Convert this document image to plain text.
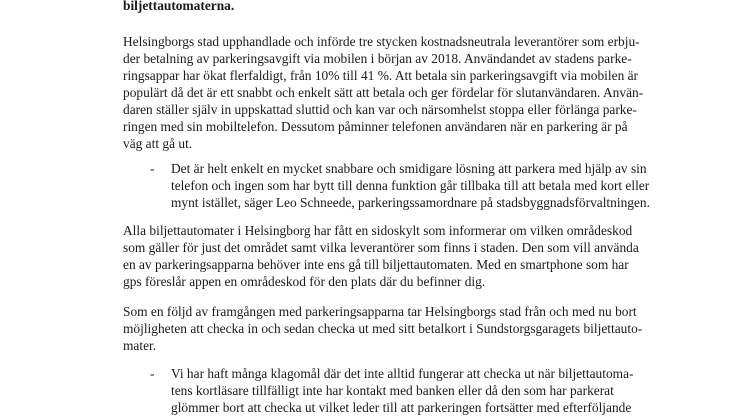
biljettautomaterna.
Helsingborgs stad upphandlade och införde tre stycken kostnadsneutrala leverantörer som erbju-
der betalning av parkeringsavgift via mobilen i början av 2018. Användandet av stadens parke-
ringsappar har ökat flerfaldigt, från 10% till 41 %. Att betala sin parkeringsavgift via mobilen är
populärt då det är ett snabbt och enkelt sätt att betala och ger fördelar för slutanvändaren. Använ-
daren ställer själv in uppskattad sluttid och kan var och närsomhelst stoppa eller förlänga parke-
ringen med sin mobiltelefon. Dessutom påminner telefonen användaren när en parkering är på
väg att gå ut.
- Det är helt enkelt en mycket snabbare och smidigare lösning att parkera med hjälp av sin
telefon och ingen som har bytt till denna funktion går tillbaka till att betala med kort eller
mynt istället, säger Leo Schneede, parkeringssamordnare på stadsbyggnadsförvaltningen.
Alla biljettautomater i Helsingborg har fått en sidoskylt som informerar om vilken områdeskod
som gäller för just det området samt vilka leverantörer som finns i staden. Den som vill använda
en av parkeringsapparna behöver inte ens gå till biljettautomaten. Med en smartphone som har
gps föreslår appen en områdeskod för den plats där du befinner dig.
Som en följd av framgången med parkeringsapparna tar Helsingborgs stad från och med nu bort
möjligheten att checka in och sedan checka ut med sitt betalkort i Sundstorgsgaragets biljettauto-
mater.
- Vi har haft många klagomål där det inte alltid fungerar att checka ut när biljettautoma-
tens kortläsare tillfälligt inte har kontakt med banken eller då den som har parkerat
glömmer bort att checka ut vilket leder till att parkeringen fortsätter med efterföljande
